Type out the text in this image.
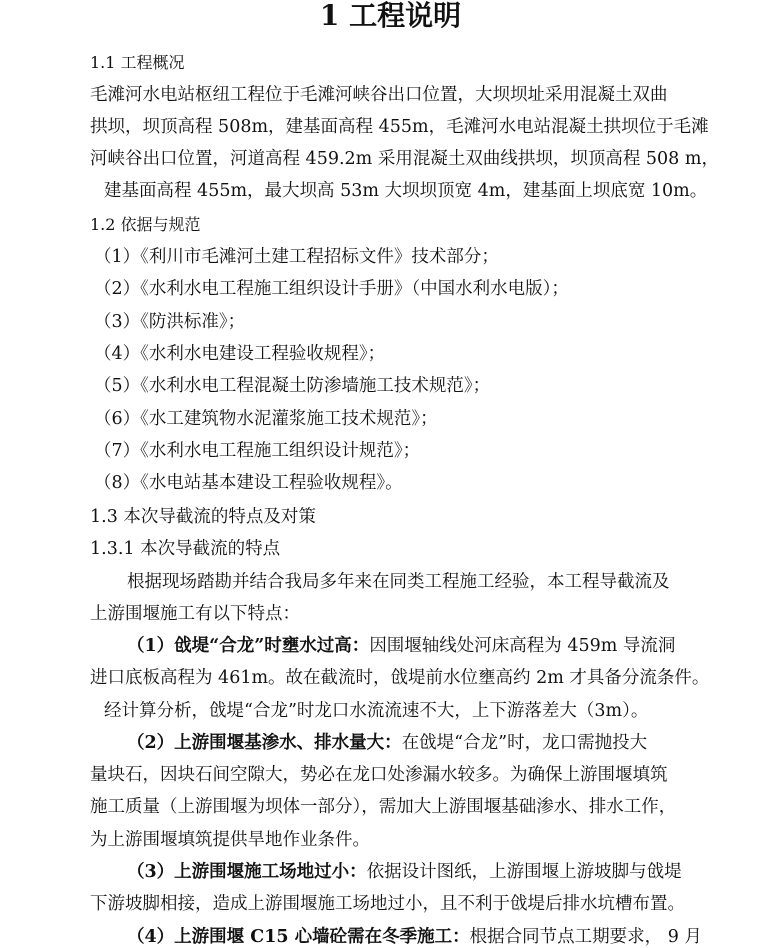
1 工程说明
1.1 工程概况
毛滩河水电站枢纽工程位于毛滩河峡谷出口位置，大坝坝址采用混凝土双曲
拱坝，坝顶高程 508m，建基面高程 455m，毛滩河水电站混凝土拱坝位于毛滩
河峡谷出口位置，河道高程 459.2m 采用混凝土双曲线拱坝，坝顶高程 508 m，
建基面高程 455m，最大坝高 53m 大坝坝顶宽 4m，建基面上坝底宽 10m。
1.2 依据与规范
（1）《利川市毛滩河土建工程招标文件》技术部分；
（2）《水利水电工程施工组织设计手册》（中国水利水电版）；
（3）《防洪标准》；
（4）《水利水电建设工程验收规程》；
（5）《水利水电工程混凝土防渗墙施工技术规范》；
（6）《水工建筑物水泥灌浆施工技术规范》；
（7）《水利水电工程施工组织设计规范》；
（8）《水电站基本建设工程验收规程》。
1.3 本次导截流的特点及对策
1.3.1 本次导截流的特点
根据现场踏勘并结合我局多年来在同类工程施工经验，本工程导截流及
上游围堰施工有以下特点：
（1）戗堤“合龙”时壅水过高：因围堰轴线处河床高程为 459m 导流洞
进口底板高程为 461m。故在截流时，戗堤前水位壅高约 2m 才具备分流条件。
经计算分析，戗堤“合龙”时龙口水流流速不大，上下游落差大（3m）。
（2）上游围堰基渗水、排水量大：在戗堤“合龙”时，龙口需抛投大
量块石，因块石间空隙大，势必在龙口处渗漏水较多。为确保上游围堰填筑
施工质量（上游围堰为坝体一部分），需加大上游围堰基础渗水、排水工作，
为上游围堰填筑提供旱地作业条件。
（3）上游围堰施工场地过小：依据设计图纸，上游围堰上游坡脚与戗堤
下游坡脚相接，造成上游围堰施工场地过小，且不利于戗堤后排水坑槽布置。
（4）上游围堰 C15 心墙砼需在冬季施工：根据合同节点工期要求， 9 月
